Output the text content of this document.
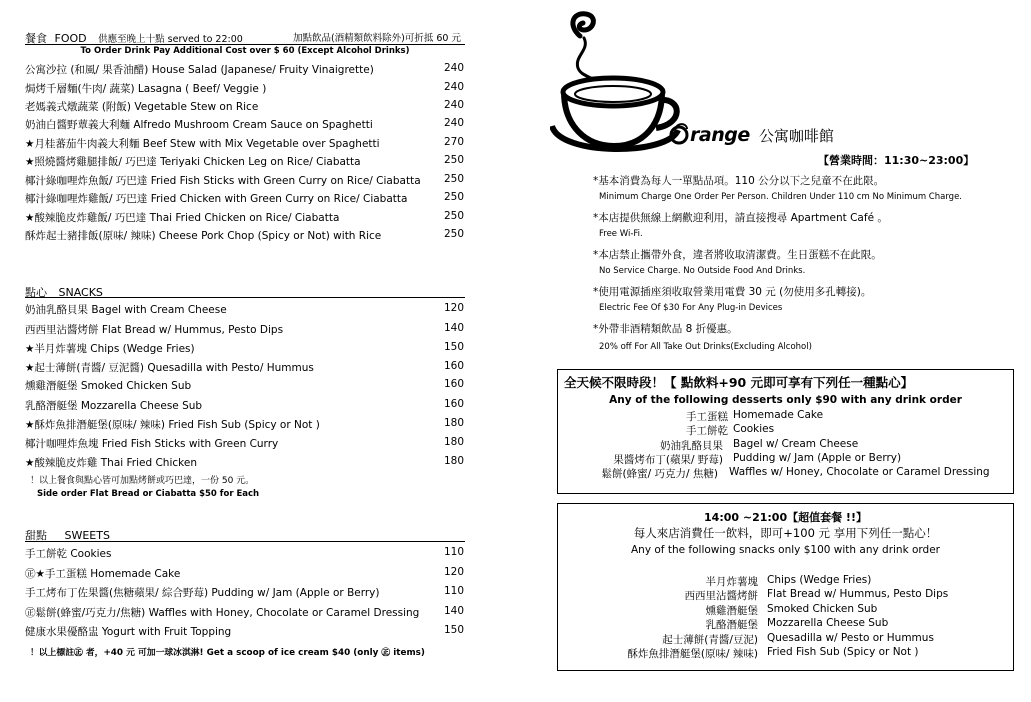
餐食 FOOD 供應至晚上十點 served to 22:00	加點飲品(酒精類飲料除外)可折抵 60 元
To Order Drink Pay Additional Cost over $ 60 (Except Alcohol Drinks)
公寓沙拉 (和風/ 果香油醋) House Salad (Japanese/ Fruity Vinaigrette)	240
焗烤千層麵(牛肉/ 蔬菜) Lasagna ( Beef/ Veggie )	240
老媽義式燉蔬菜 (附飯) Vegetable Stew on Rice	240
奶油白醬野蕈義大利麵 Alfredo Mushroom Cream Sauce on Spaghetti	240
★月桂蕃茄牛肉義大利麵 Beef Stew with Mix Vegetable over Spaghetti	270
★照燒醬烤雞腿排飯/ 巧巴達 Teriyaki Chicken Leg on Rice/ Ciabatta	250
椰汁綠咖哩炸魚飯/ 巧巴達 Fried Fish Sticks with Green Curry on Rice/ Ciabatta 250
椰汁綠咖哩炸雞飯/ 巧巴達 Fried Chicken with Green Curry on Rice/ Ciabatta	250
★酸辣脆皮炸雞飯/ 巧巴達 Thai Fried Chicken on Rice/ Ciabatta	250
酥炸起士豬排飯(原味/ 辣味) Cheese Pork Chop (Spicy or Not) with Rice	250
點心 SNACKS
奶油乳酪貝果 Bagel with Cream Cheese	120
西西里沾醬烤餅 Flat Bread w/ Hummus, Pesto Dips	140
★半月炸薯塊 Chips (Wedge Fries)	150
★起士薄餅(青醬/ 豆泥醬) Quesadilla with Pesto/ Hummus	160
燻雞潛艇堡 Smoked Chicken Sub	160
乳酪潛艇堡 Mozzarella Cheese Sub	160
★酥炸魚排潛艇堡(原味/ 辣味) Fried Fish Sub (Spicy or Not )	180
椰汁咖哩炸魚塊 Fried Fish Sticks with Green Curry	180
★酸辣脆皮炸雞 Thai Fried Chicken	180
！以上餐食與點心皆可加點烤餅或巧巴達，一份 50 元。
Side order Flat Bread or Ciabatta $50 for Each
甜點 SWEETS
手工餅乾 Cookies	110
㊣★手工蛋糕 Homemade Cake	120
手工烤布丁佐果醬(焦糖蘋果/ 綜合野莓) Pudding w/ Jam (Apple or Berry)	110
㊣鬆餅(蜂蜜/巧克力/焦糖) Waffles with Honey, Chocolate or Caramel Dressing 140
健康水果優酪盅 Yogurt with Fruit Topping	150
！以上標註㊣ 者，+40 元 可加一球冰淇淋! Get a scoop of ice cream $40 (only ㊣ items)
range 公寓咖啡館
【營業時間：11:30~23:00】
*基本消費為每人一單點品項。110 公分以下之兒童不在此限。
Minimum Charge One Order Per Person. Children Under 110 cm No Minimum Charge.
*本店提供無線上網歡迎利用，請直接搜尋 Apartment Café 。
Free Wi-Fi.
*本店禁止攜帶外食，違者將收取清潔費。生日蛋糕不在此限。
No Service Charge. No Outside Food And Drinks.
*使用電源插座須收取營業用電費 30 元 (勿使用多孔轉接)。
Electric Fee Of $30 For Any Plug-in Devices
*外帶非酒精類飲品 8 折優惠。
20% off For All Take Out Drinks(Excluding Alcohol)
全天候不限時段！【 點飲料+90 元即可享有下列任一種點心】
Any of the following desserts only $90 with any drink order
手工蛋糕 Homemade Cake
手工餅乾 Cookies
奶油乳酪貝果 Bagel w/ Cream Cheese
果醬烤布丁(蘋果/ 野莓) Pudding w/ Jam (Apple or Berry)
鬆餅(蜂蜜/ 巧克力/ 焦糖) Waffles w/ Honey, Chocolate or Caramel Dressing
14:00 ~21:00【超值套餐 !!】
每人來店消費任一飲料，即可+100 元 享用下列任一點心！
Any of the following snacks only $100 with any drink order
半月炸薯塊 Chips (Wedge Fries)
西西里沾醬烤餅 Flat Bread w/ Hummus, Pesto Dips
燻雞潛艇堡 Smoked Chicken Sub
乳酪潛艇堡 Mozzarella Cheese Sub
起士薄餅(青醬/豆泥) Quesadilla w/ Pesto or Hummus
酥炸魚排潛艇堡(原味/ 辣味) Fried Fish Sub (Spicy or Not )
